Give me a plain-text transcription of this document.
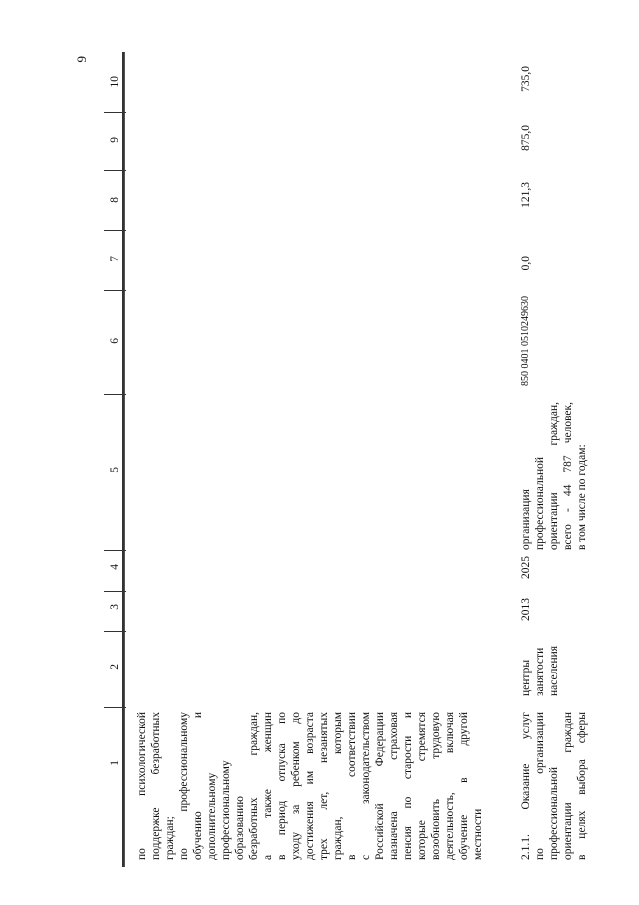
9
1
2
3
4
5
6
7
8
9
10

по психологической поддержке безработных граждан; по профессиональному обучению и дополнительному профессиональному образованию безработных граждан, а также женщин в период отпуска по уходу за ребенком до достижения им возраста трех лет, незанятых граждан, которым в соответствии с законодательством Российской Федерации назначена страховая пенсия по старости и которые стремятся возобновить трудовую деятельность, включая обучение в другой местности	2.1.1. Оказание услуг по организации профессиональной ориентации граждан в целях выбора сферы

центры занятости населения

2013
2025

организация профессиональной ориентации граждан, всего - 44 787 человек, в том числе по годам:

850 0401 0510249630
0,0
121,3
875,0
735,0
